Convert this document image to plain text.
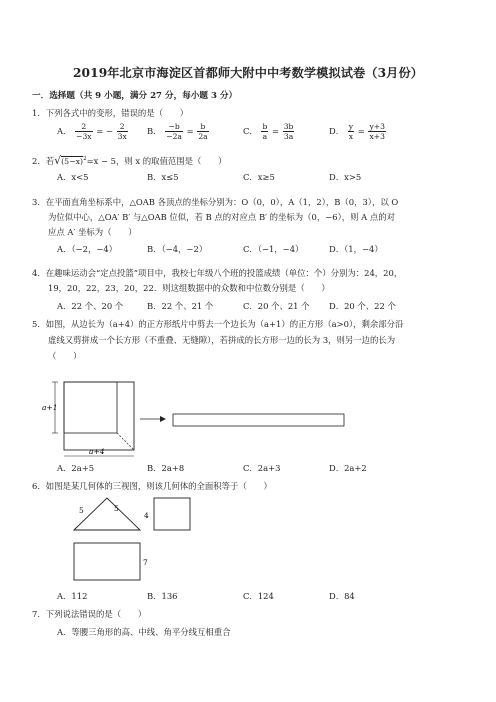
2019年北京市海淀区首都师大附中中考数学模拟试卷（3月份）
一．选择题（共 9 小题，满分 27 分，每小题 3 分）
1．下列各式中的变形，错误的是（　　）
A． $\frac{2}{-3x}$ = − $\frac{2}{3x}$ B． $\frac{-b}{-2a} = \frac{b}{2a}$	C． $\frac{b}{a} = \frac{3b}{3a}$	D． $\frac{y}{x} = \frac{y+3}{x+3}$
2．若$√(5-x)^2=x - 5$，则 x 的取值范围是（　　）
A．x<5	B．x≤5	C．x≥5	D．x>5
3．在平面直角坐标系中，△OAB 各顶点的坐标分别为：O（0，0），A（1，2），B（0，3），以 O
为位似中心，△OA′ B′ 与△OAB 位似，若 B 点的对应点 B′ 的坐标为（0，−6），则 A 点的对
应点 A′ 坐标为（　　）
A．（−2，−4）	B．（−4，−2）	C．（−1，−4）	D．（1，−4）
4．在趣味运动会“定点投篮”项目中，我校七年级八个班的投篮成绩（单位：个）分别为：24，20，
19，20，22，23，20，22．则这组数据中的众数和中位数分别是（　　）
A．22 个、20 个	B．22 个、21 个	C．20 个、21 个 D．20 个、22 个
5．如图，从边长为（a+4）的正方形纸片中剪去一个边长为（a+1）的正方形（a>0），剩余部分沿
虚线又剪拼成一个长方形（不重叠、无缝隙），若拼成的长方形一边的长为 3，则另一边的长为
（　　）
a+1
a+4
A．2a+5	B．2a+8	C．2a+3	D．2a+2
6．如图是某几何体的三视图，则该几何体的全面积等于（　　）
5	5
4
7
A．112	B．136	C．124	D．84
7．下列说法错误的是（　　）
A．等腰三角形的高、中线、角平分线互相重合
